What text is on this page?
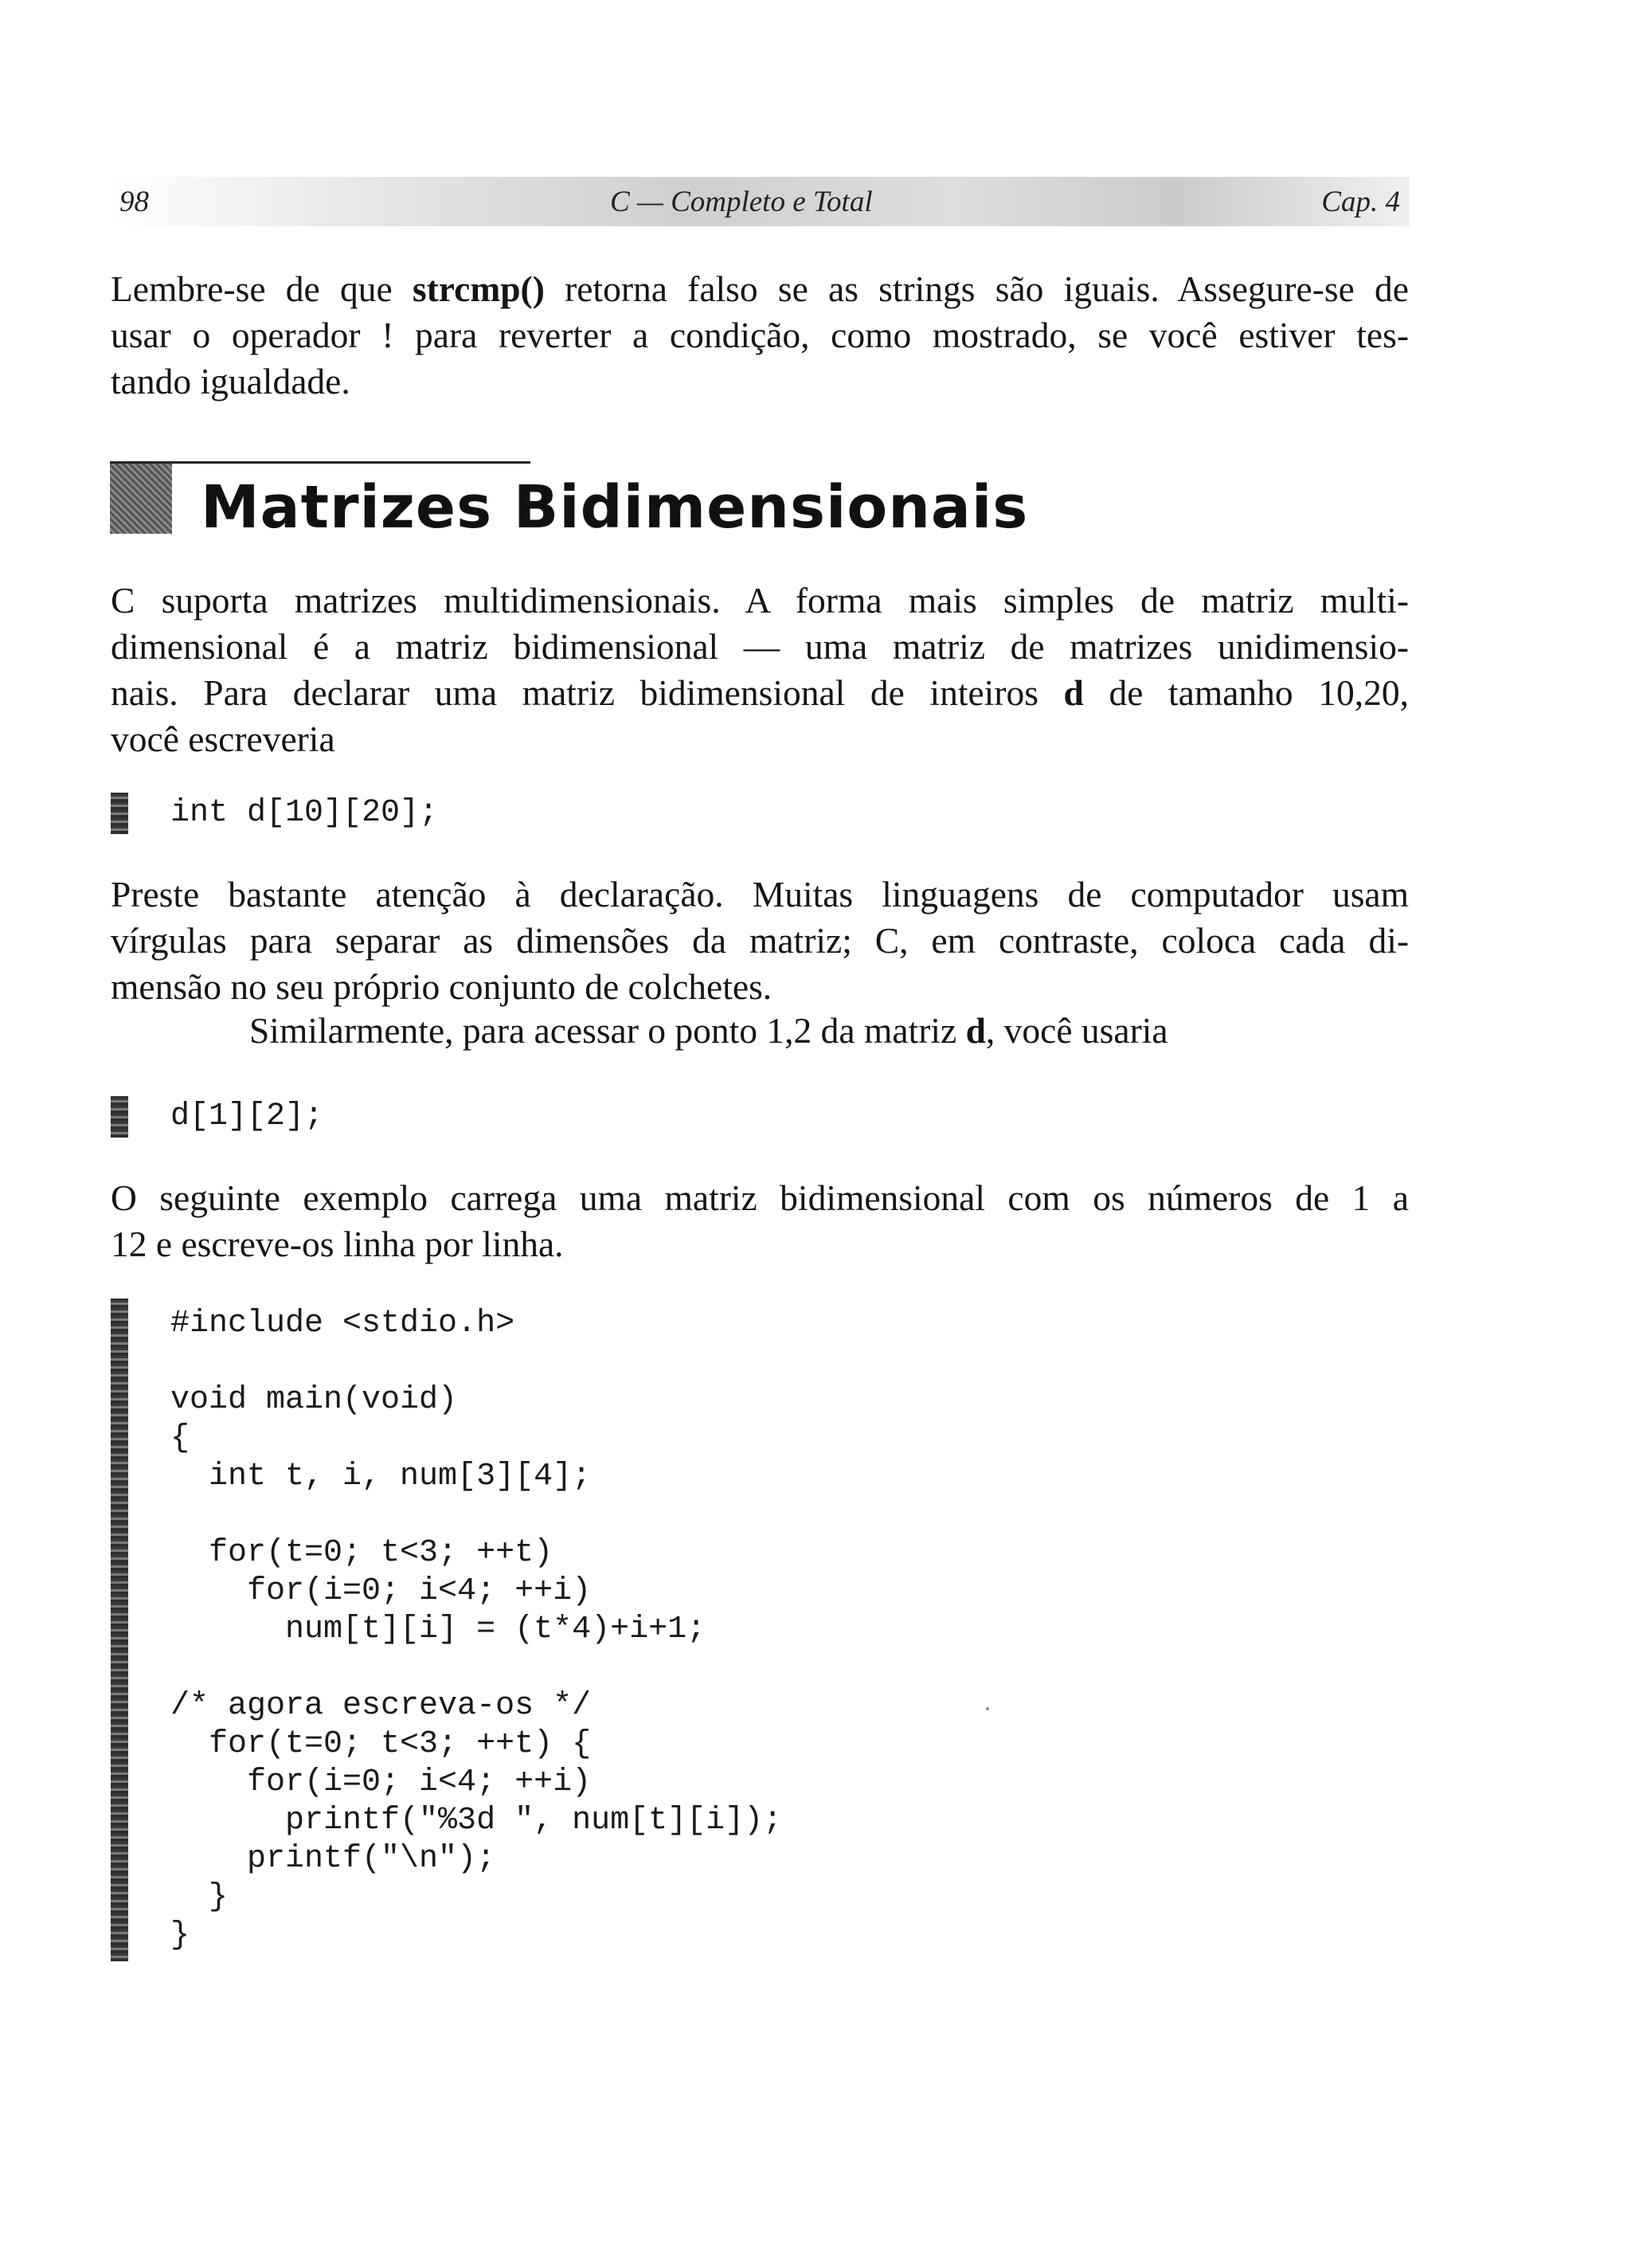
98	C — Completo e Total	Cap. 4
Lembre-se de que strcmp() retorna falso se as strings são iguais. Assegure-se de
usar o operador ! para reverter a condição, como mostrado, se você estiver tes-
tando igualdade.
Matrizes Bidimensionais
C suporta matrizes multidimensionais. A forma mais simples de matriz multi-
dimensional é a matriz bidimensional — uma matriz de matrizes unidimensio-
nais. Para declarar uma matriz bidimensional de inteiros d de tamanho 10,20,
você escreveria
int d[10][20];
Preste bastante atenção à declaração. Muitas linguagens de computador usam
vírgulas para separar as dimensões da matriz; C, em contraste, coloca cada di-
mensão no seu próprio conjunto de colchetes.
Similarmente, para acessar o ponto 1,2 da matriz d, você usaria
d[1][2];
O seguinte exemplo carrega uma matriz bidimensional com os números de 1 a
12 e escreve-os linha por linha.
#include <stdio.h>
void main(void)
{
int t, i, num[3][4];
for(t=0; t<3; ++t)
for(i=0; i<4; ++i)
num[t][i] = (t*4)+i+1;
/* agora escreva-os */
for(t=0; t<3; ++t) {
for(i=0; i<4; ++i)
printf("%3d ", num[t][i]);
printf("\n");
}
}
